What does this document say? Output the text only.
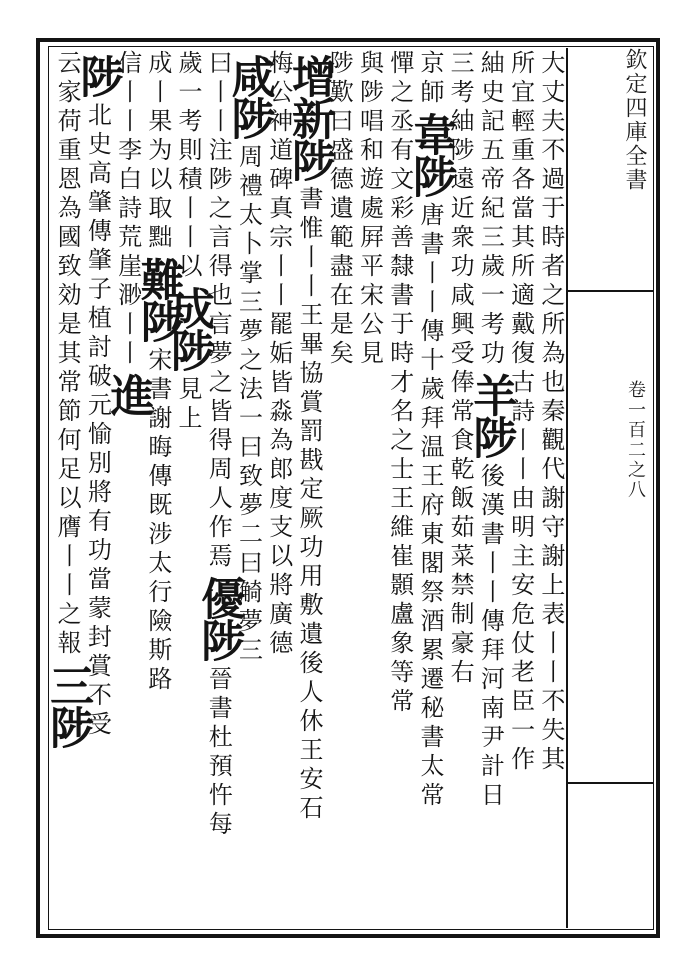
欽定四庫全書
卷一百二之八
大丈夫不過于時者之所為也秦觀代謝守謝上表丨丨不失其
所宜輕重各當其所適戴復古詩丨丨由明主安危仗老臣一作
紬史記五帝紀三歲一考功
羊陟
後漢書丨丨傳拜河南尹計日
三考紬陟遠近衆功咸興
受俸常食乾飯茹菜禁制豪右
京師
韋陟
唐書丨丨傳十歲拜温王府東閣祭酒累遷秘書太常
憚之
丞有文彩善隸書于時才名之士王維崔顥盧象等常
與陟唱和遊處屛平宋公見
陟歎曰盛德遺範盡在是矣
增新陟
書惟丨丨王畢協賞罰戡定厥功用敷遺後人休王安石
梅公神道碑真宗丨丨罷姤皆淼為郎度支以將廣德
咸陟
周禮太卜掌三夢之法一曰致夢二曰觭夢三
曰丨丨注陟之言得也言夢之皆得周人作焉
優陟
晉書杜預忤每
歲一考則積丨丨以
成陟
見上
成丨果为以取黜
難陟
宋書謝晦傳既涉太行險斯路
信丨丨李白詩荒崖渺丨丨
進
陟
北史高肇傳肇子植討破元愉別將有功當蒙封賞不受
云家荷重恩為國致効是其常節何足以膺丨丨之報
三陟
